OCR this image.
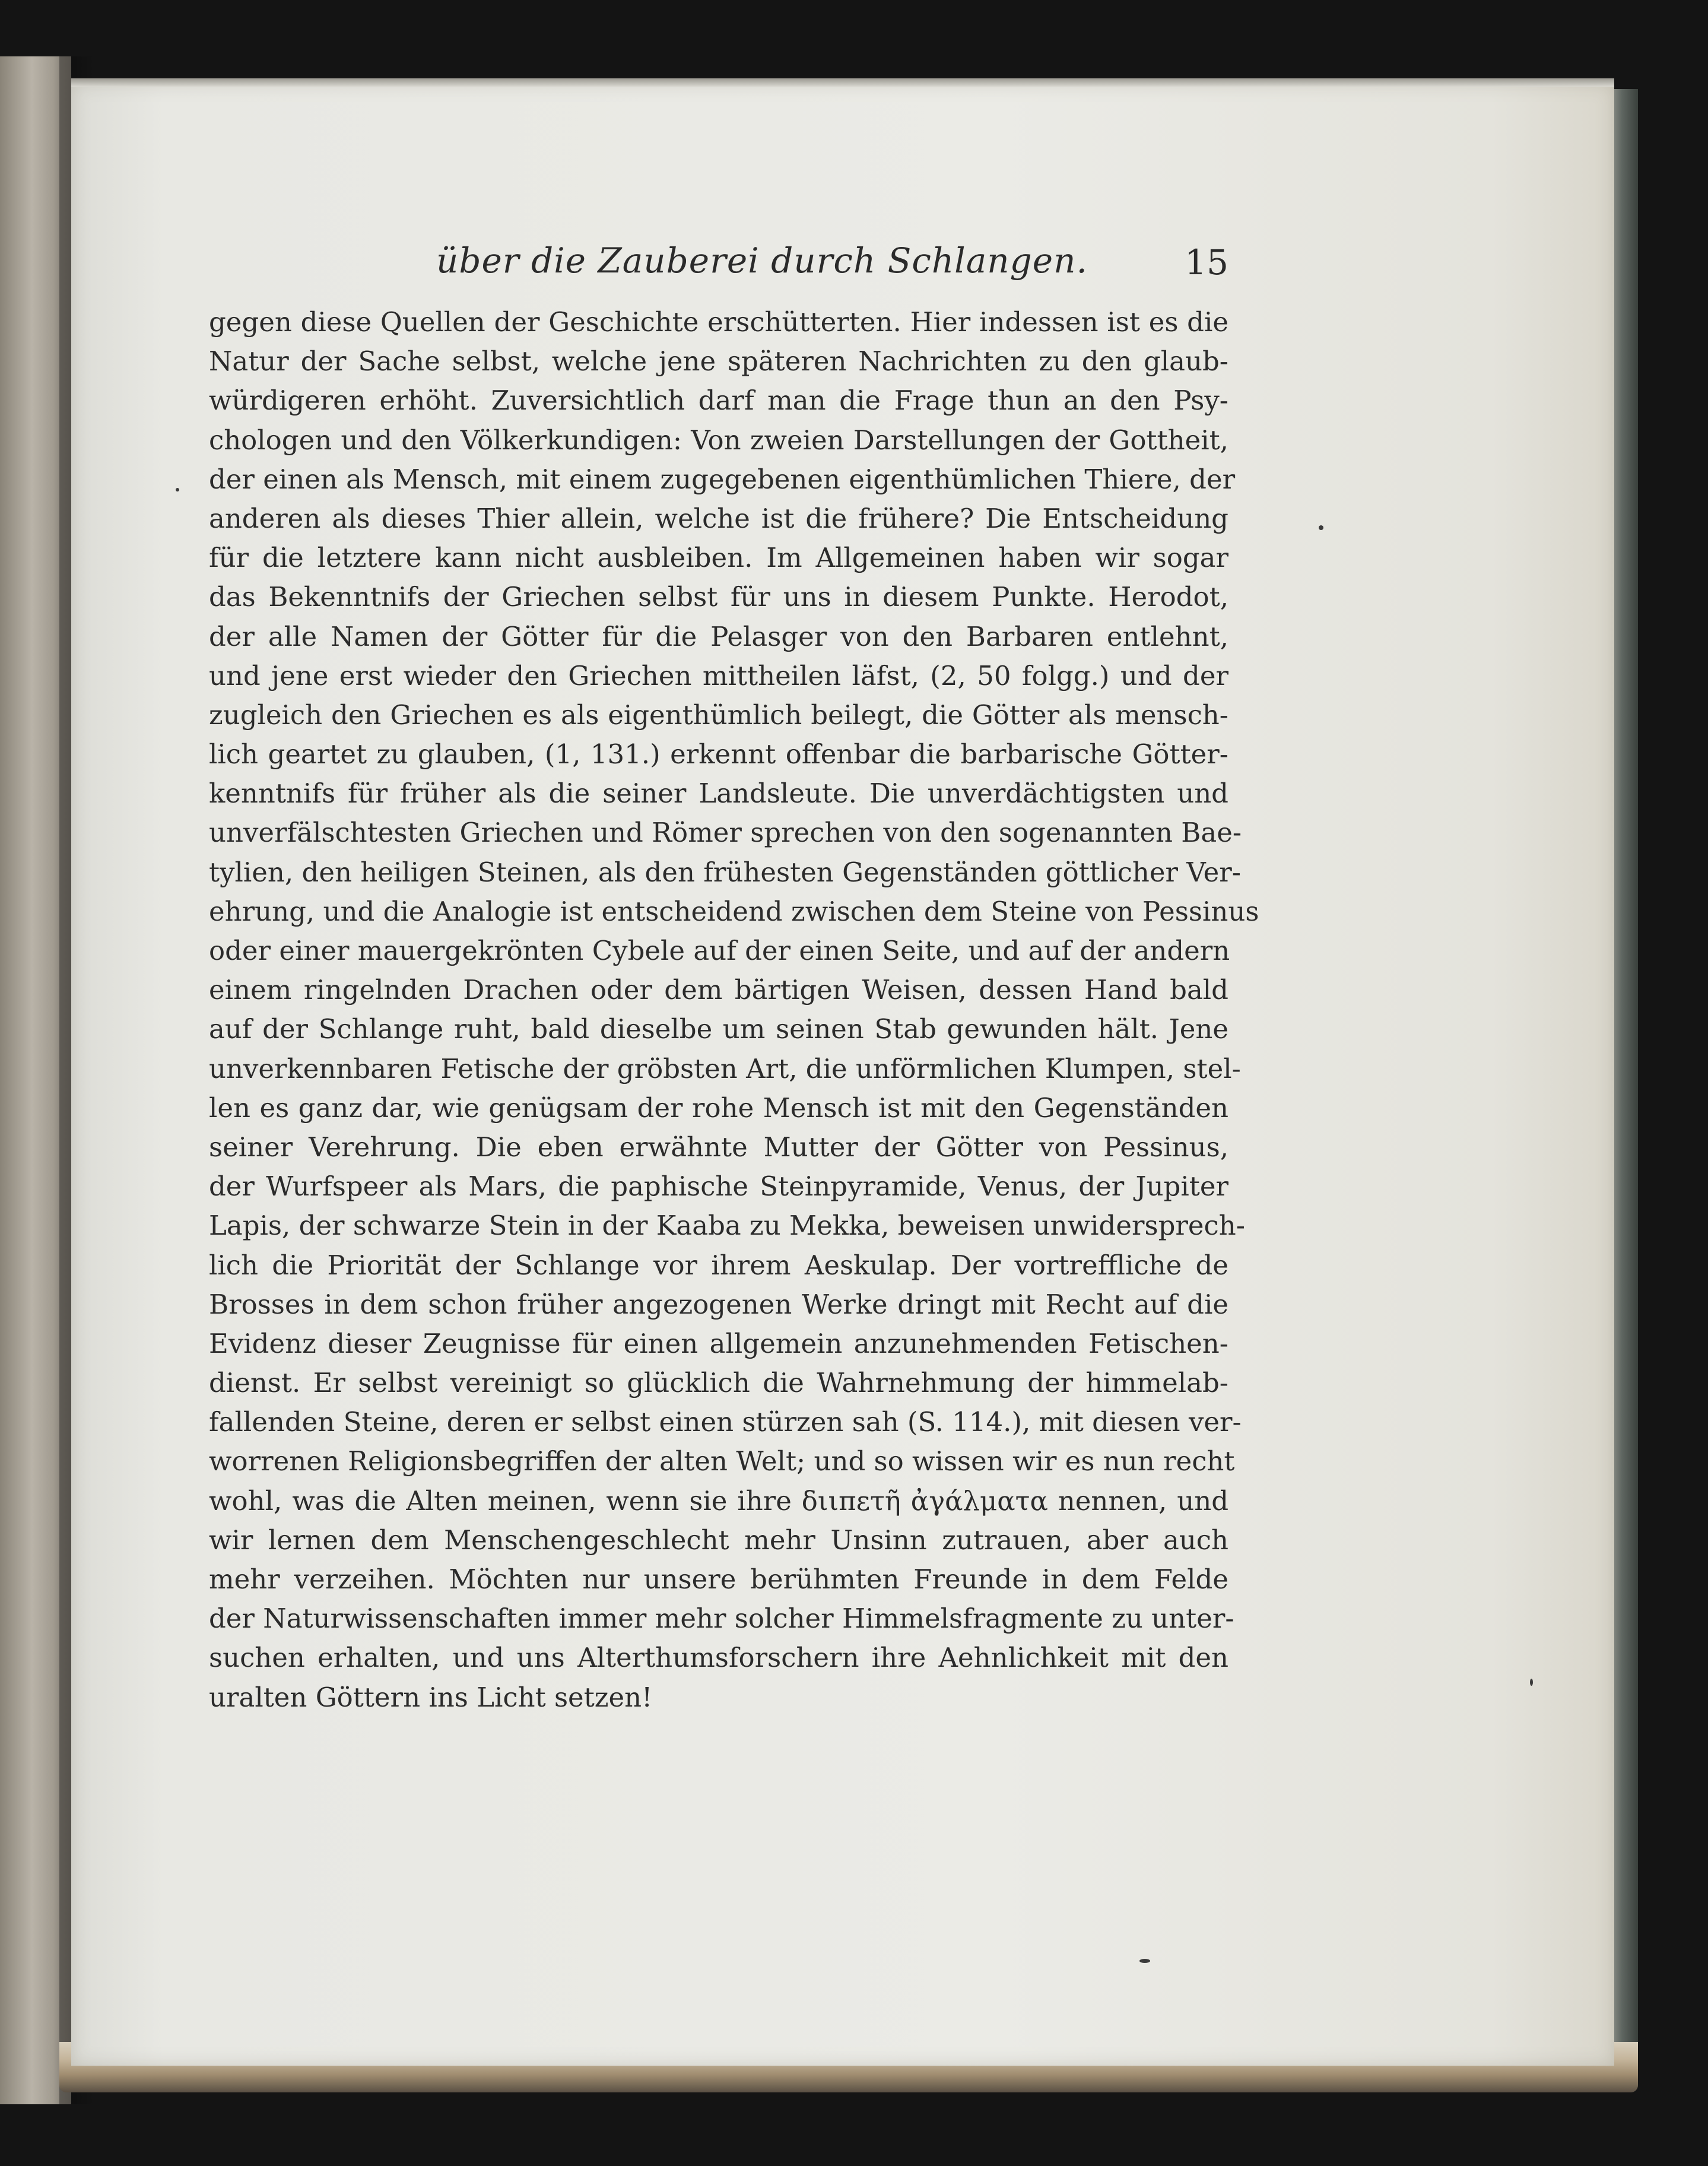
über die Zauberei durch Schlangen.	15
gegen diese Quellen der Geschichte erschütterten. Hier indessen ist es die
Natur der Sache selbst, welche jene späteren Nachrichten zu den glaub-
würdigeren erhöht. Zuversichtlich darf man die Frage thun an den Psy-
chologen und den Völkerkundigen: Von zweien Darstellungen der Gottheit,
der einen als Mensch, mit einem zugegebenen eigenthümlichen Thiere, der
anderen als dieses Thier allein, welche ist die frühere? Die Entscheidung
für die letztere kann nicht ausbleiben. Im Allgemeinen haben wir sogar
das Bekenntnifs der Griechen selbst für uns in diesem Punkte. Herodot,
der alle Namen der Götter für die Pelasger von den Barbaren entlehnt,
und jene erst wieder den Griechen mittheilen läfst, (2, 50 folgg.) und der
zugleich den Griechen es als eigenthümlich beilegt, die Götter als mensch-
lich geartet zu glauben, (1, 131.) erkennt offenbar die barbarische Götter-
kenntnifs für früher als die seiner Landsleute. Die unverdächtigsten und
unverfälschtesten Griechen und Römer sprechen von den sogenannten Bae-
tylien, den heiligen Steinen, als den frühesten Gegenständen göttlicher Ver-
ehrung, und die Analogie ist entscheidend zwischen dem Steine von Pessinus
oder einer mauergekrönten Cybele auf der einen Seite, und auf der andern
einem ringelnden Drachen oder dem bärtigen Weisen, dessen Hand bald
auf der Schlange ruht, bald dieselbe um seinen Stab gewunden hält. Jene
unverkennbaren Fetische der gröbsten Art, die unförmlichen Klumpen, stel-
len es ganz dar, wie genügsam der rohe Mensch ist mit den Gegenständen
seiner Verehrung. Die eben erwähnte Mutter der Götter von Pessinus,
der Wurfspeer als Mars, die paphische Steinpyramide, Venus, der Jupiter
Lapis, der schwarze Stein in der Kaaba zu Mekka, beweisen unwidersprech-
lich die Priorität der Schlange vor ihrem Aeskulap. Der vortreffliche de
Brosses in dem schon früher angezogenen Werke dringt mit Recht auf die
Evidenz dieser Zeugnisse für einen allgemein anzunehmenden Fetischen-
dienst. Er selbst vereinigt so glücklich die Wahrnehmung der himmelab-
fallenden Steine, deren er selbst einen stürzen sah (S. 114.), mit diesen ver-
worrenen Religionsbegriffen der alten Welt; und so wissen wir es nun recht
wohl, was die Alten meinen, wenn sie ihre διιπετῆ ἀγάλματα nennen, und
wir lernen dem Menschengeschlecht mehr Unsinn zutrauen, aber auch
mehr verzeihen. Möchten nur unsere berühmten Freunde in dem Felde
der Naturwissenschaften immer mehr solcher Himmelsfragmente zu unter-
suchen erhalten, und uns Alterthumsforschern ihre Aehnlichkeit mit den
uralten Göttern ins Licht setzen!
